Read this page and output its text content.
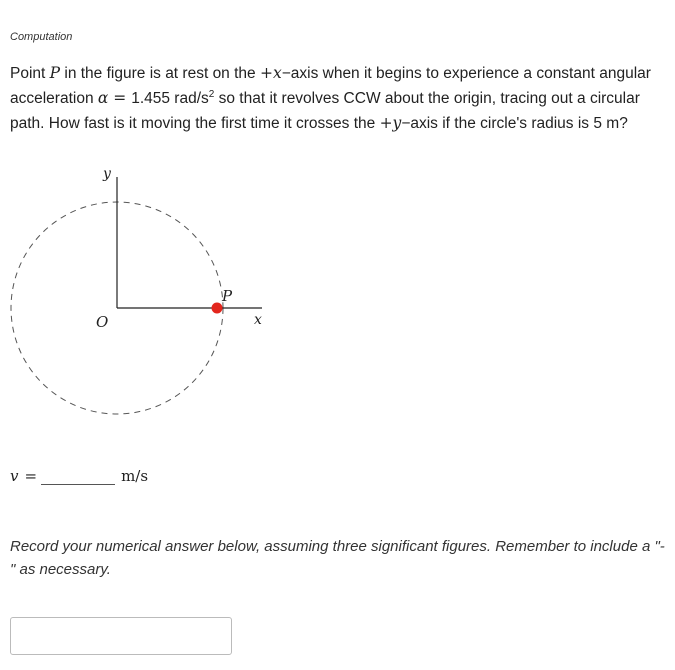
Computation
Point P in the figure is at rest on the +x−axis when it begins to experience a constant angular acceleration α = 1.455 rad/$s^2$ so that it revolves CCW about the origin, tracing out a circular path. How fast is it moving the first time it crosses the +y−axis if the circle's radius is 5 m?
y
O
P
x
v =	m/s
Record your numerical answer below, assuming three significant figures. Remember to include a "-" as necessary.
